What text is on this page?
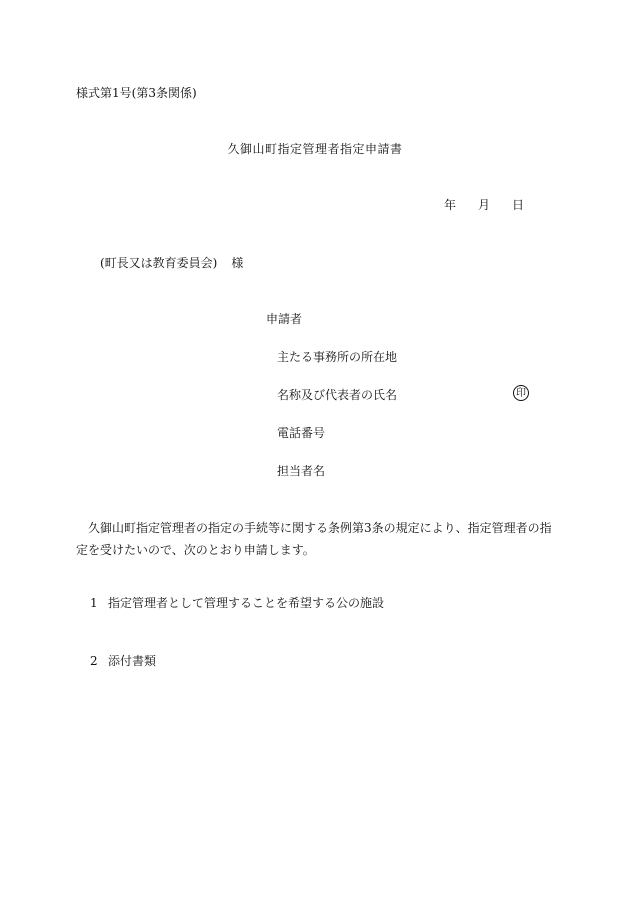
様式第1号(第3条関係)
久御山町指定管理者指定申請書
年 月 日
(町長又は教育委員会) 様
申請者
主たる事務所の所在地
名称及び代表者の氏名	印
電話番号
担当者名
久御山町指定管理者の指定の手続等に関する条例第3条の規定により、指定管理者の指定を受けたいので、次のとおり申請します。
1 指定管理者として管理することを希望する公の施設
2 添付書類
